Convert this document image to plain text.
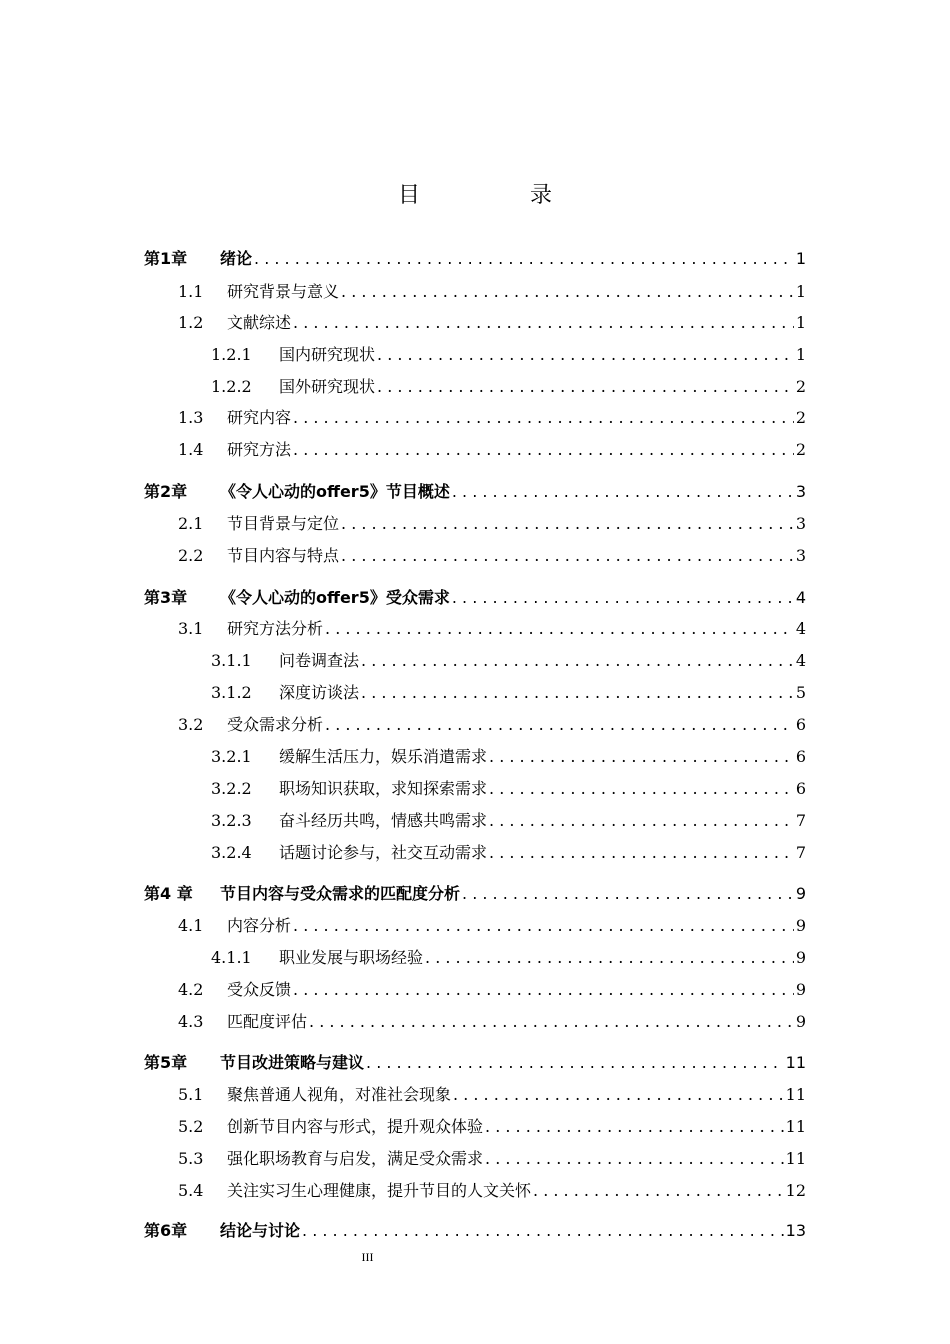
目　录
第1章	绪论 . . .	1
1.1	研究背景与意义 . . .	1
1.2	文献综述 . . .	1
1.2.1	国内研究现状 . . .	1
1.2.2	国外研究现状 . . .	2
1.3	研究内容 . . .	2
1.4	研究方法 . . .	2
第2章	《令人心动的offer5》节目概述 . . .	3
2.1	节目背景与定位 . . .	3
2.2	节目内容与特点 . . .	3
第3章	《令人心动的offer5》受众需求 . . .	4
3.1	研究方法分析 . . .	4
3.1.1	问卷调查法 . . .	4
3.1.2	深度访谈法 . . .	5
3.2	受众需求分析 . . .	6
3.2.1	缓解生活压力，娱乐消遣需求 . . .	6
3.2.2	职场知识获取，求知探索需求 . . .	6
3.2.3	奋斗经历共鸣，情感共鸣需求 . . .	7
3.2.4	话题讨论参与，社交互动需求 . . .	7
第4 章	节目内容与受众需求的匹配度分析 . . .	9
4.1	内容分析 . . .	9
4.1.1	职业发展与职场经验 . . .	9
4.2	受众反馈 . . .	9
4.3	匹配度评估 . . .	9
第5章	节目改进策略与建议 . . .	11
5.1	聚焦普通人视角，对准社会现象 . . .	11
5.2	创新节目内容与形式，提升观众体验 . . .	11
5.3	强化职场教育与启发，满足受众需求 . . .	11
5.4	关注实习生心理健康，提升节目的人文关怀 . . .	12
第6章	结论与讨论 . . .	13
III
